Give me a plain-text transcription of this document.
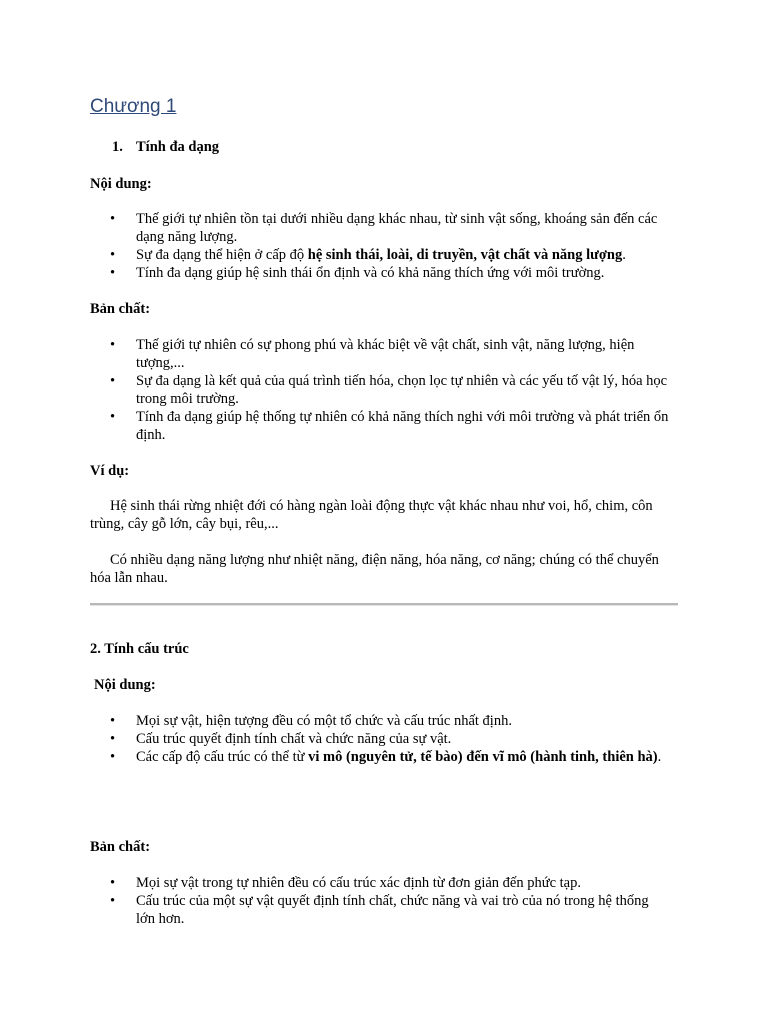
Chương 1
1. Tính đa dạng
Nội dung:
• Thế giới tự nhiên tồn tại dưới nhiều dạng khác nhau, từ sinh vật sống, khoáng sản đến các dạng năng lượng.
• Sự đa dạng thể hiện ở cấp độ hệ sinh thái, loài, di truyền, vật chất và năng lượng.
• Tính đa dạng giúp hệ sinh thái ổn định và có khả năng thích ứng với môi trường.
Bản chất:
• Thế giới tự nhiên có sự phong phú và khác biệt về vật chất, sinh vật, năng lượng, hiện tượng,...
• Sự đa dạng là kết quả của quá trình tiến hóa, chọn lọc tự nhiên và các yếu tố vật lý, hóa học trong môi trường.
• Tính đa dạng giúp hệ thống tự nhiên có khả năng thích nghi với môi trường và phát triển ổn định.
Ví dụ:
Hệ sinh thái rừng nhiệt đới có hàng ngàn loài động thực vật khác nhau như voi, hổ, chim, côn trùng, cây gỗ lớn, cây bụi, rêu,...
Có nhiều dạng năng lượng như nhiệt năng, điện năng, hóa năng, cơ năng; chúng có thể chuyển hóa lẫn nhau.
2. Tính cấu trúc
Nội dung:
• Mọi sự vật, hiện tượng đều có một tổ chức và cấu trúc nhất định.
• Cấu trúc quyết định tính chất và chức năng của sự vật.
• Các cấp độ cấu trúc có thể từ vi mô (nguyên tử, tế bào) đến vĩ mô (hành tinh, thiên hà).
Bản chất:
• Mọi sự vật trong tự nhiên đều có cấu trúc xác định từ đơn giản đến phức tạp.
• Cấu trúc của một sự vật quyết định tính chất, chức năng và vai trò của nó trong hệ thống lớn hơn.
